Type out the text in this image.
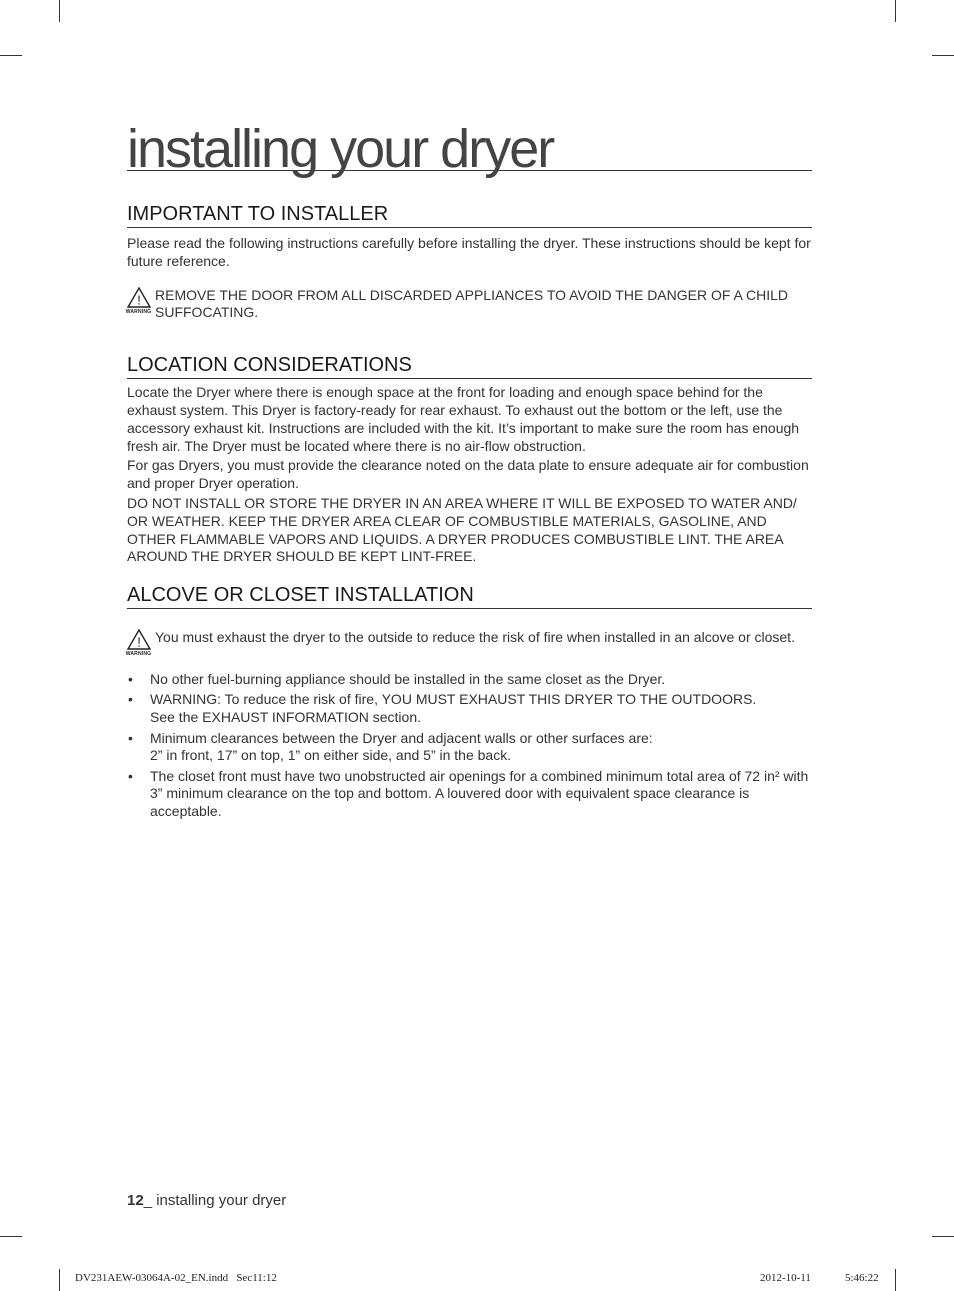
installing your dryer
IMPORTANT TO INSTALLER

Please read the following instructions carefully before installing the dryer. These instructions should be kept for future reference.

!
WARNING

REMOVE THE DOOR FROM ALL DISCARDED APPLIANCES TO AVOID THE DANGER OF A CHILD SUFFOCATING.

LOCATION CONSIDERATIONS

Locate the Dryer where there is enough space at the front for loading and enough space behind for the exhaust system. This Dryer is factory-ready for rear exhaust. To exhaust out the bottom or the left, use the accessory exhaust kit. Instructions are included with the kit. It’s important to make sure the room has enough fresh air. The Dryer must be located where there is no air-flow obstruction.

For gas Dryers, you must provide the clearance noted on the data plate to ensure adequate air for combustion and proper Dryer operation.

DO NOT INSTALL OR STORE THE DRYER IN AN AREA WHERE IT WILL BE EXPOSED TO WATER AND/ OR WEATHER. KEEP THE DRYER AREA CLEAR OF COMBUSTIBLE MATERIALS, GASOLINE, AND OTHER FLAMMABLE VAPORS AND LIQUIDS. A DRYER PRODUCES COMBUSTIBLE LINT. THE AREA AROUND THE DRYER SHOULD BE KEPT LINT-FREE.

ALCOVE OR CLOSET INSTALLATION
!
WARNING

You must exhaust the dryer to the outside to reduce the risk of fire when installed in an alcove or closet.

• No other fuel-burning appliance should be installed in the same closet as the Dryer.
• WARNING: To reduce the risk of fire, YOU MUST EXHAUST THIS DRYER TO THE OUTDOORS.
See the EXHAUST INFORMATION section.
• Minimum clearances between the Dryer and adjacent walls or other surfaces are:
2” in front, 17” on top, 1” on either side, and 5” in the back.
• The closet front must have two unobstructed air openings for a combined minimum total area of 72 in² with 3” minimum clearance on the top and bottom. A louvered door with equivalent space clearance is acceptable.
12_ installing your dryer
DV231AEW-03064A-02_EN.indd   Sec11:12	2012-10-11	5:46:22
